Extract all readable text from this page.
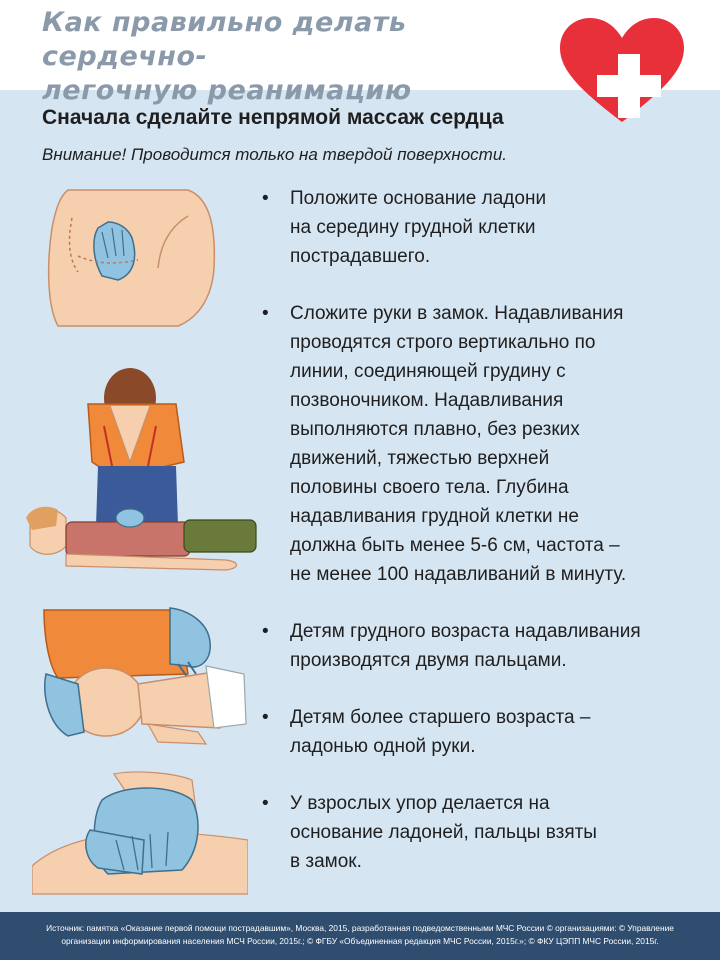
Как правильно делать сердечно-
легочную реанимацию
Сначала сделайте непрямой массаж сердца
Внимание! Проводится только на твердой поверхности.
• Положите основание ладони
на середину грудной клетки
пострадавшего.
• Сложите руки в замок. Надавливания
проводятся строго вертикально по
линии, соединяющей грудину с
позвоночником. Надавливания
выполняются плавно, без резких
движений, тяжестью верхней
половины своего тела. Глубина
надавливания грудной клетки не
должна быть менее 5-6 см, частота –
не менее 100 надавливаний в минуту.
• Детям грудного возраста надавливания
производятся двумя пальцами.
• Детям более старшего возраста –
ладонью одной руки.
• У взрослых упор делается на
основание ладоней, пальцы взяты
в замок.
Источник: памятка «Оказание первой помощи пострадавшим», Москва, 2015, разработанная подведомственными МЧС России © организациями: © Управление
организации информирования населения МСЧ России, 2015г.; © ФГБУ «Объединенная редакция МЧС России, 2015г.»; © ФКУ ЦЭПП МЧС России, 2015г.
